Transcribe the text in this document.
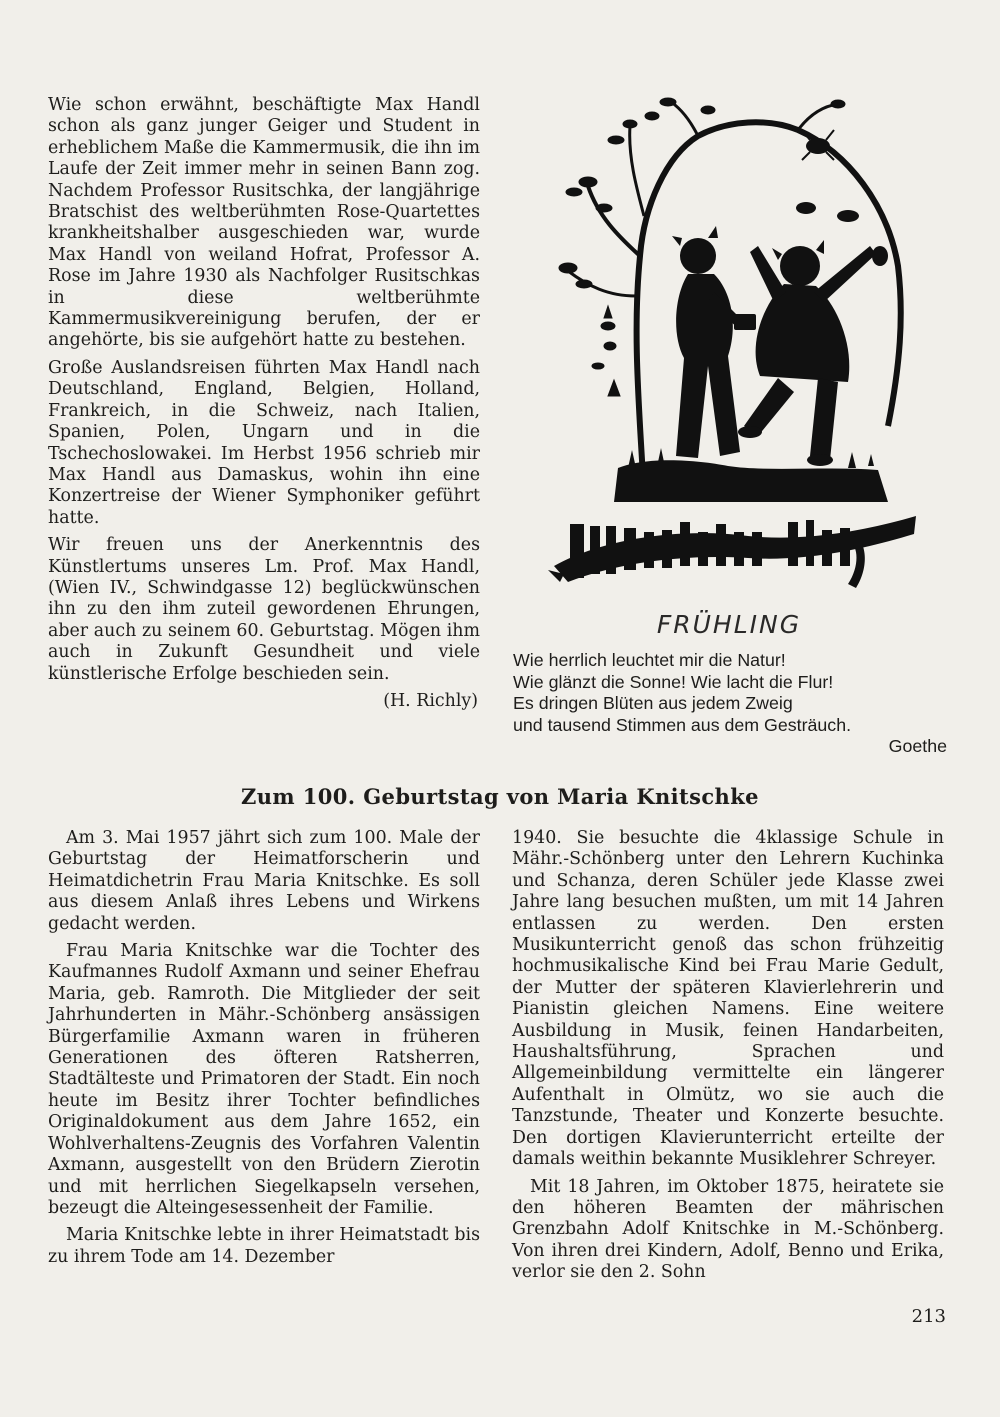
Wie schon erwähnt, beschäftigte Max Handl schon als ganz junger Geiger und Student in erheblichem Maße die Kammermusik, die ihn im Laufe der Zeit immer mehr in seinen Bann zog. Nachdem Professor Rusitschka, der langjährige Bratschist des weltberühmten Rose-Quartettes krankheitshalber ausgeschieden war, wurde Max Handl von weiland Hofrat, Professor A. Rose im Jahre 1930 als Nachfolger Rusitschkas in diese weltberühmte Kammermusikvereinigung berufen, der er angehörte, bis sie aufgehört hatte zu bestehen.

Große Auslandsreisen führten Max Handl nach Deutschland, England, Belgien, Holland, Frankreich, in die Schweiz, nach Italien, Spanien, Polen, Ungarn und in die Tschechoslowakei. Im Herbst 1956 schrieb mir Max Handl aus Damaskus, wohin ihn eine Konzertreise der Wiener Symphoniker geführt hatte.

Wir freuen uns der Anerkenntnis des Künstlertums unseres Lm. Prof. Max Handl, (Wien IV., Schwindgasse 12) beglückwünschen ihn zu den ihm zuteil gewordenen Ehrungen, aber auch zu seinem 60. Geburtstag. Mögen ihm auch in Zukunft Gesundheit und viele künstlerische Erfolge beschieden sein.

(H. Richly)
FRÜHLING
Wie herrlich leuchtet mir die Natur!
Wie glänzt die Sonne! Wie lacht die Flur!
Es dringen Blüten aus jedem Zweig
und tausend Stimmen aus dem Gesträuch.
Goethe
Zum 100. Geburtstag von Maria Knitschke

Am 3. Mai 1957 jährt sich zum 100. Male der Geburtstag der Heimatforscherin und Heimatdichetrin Frau Maria Knitschke. Es soll aus diesem Anlaß ihres Lebens und Wirkens gedacht werden.

Frau Maria Knitschke war die Tochter des Kaufmannes Rudolf Axmann und seiner Ehefrau Maria, geb. Ramroth. Die Mitglieder der seit Jahrhunderten in Mähr.-Schönberg ansässigen Bürgerfamilie Axmann waren in früheren Generationen des öfteren Ratsherren, Stadtälteste und Primatoren der Stadt. Ein noch heute im Besitz ihrer Tochter befindliches Originaldokument aus dem Jahre 1652, ein Wohlverhaltens-Zeugnis des Vorfahren Valentin Axmann, ausgestellt von den Brüdern Zierotin und mit herrlichen Siegelkapseln versehen, bezeugt die Alteingesessenheit der Familie.

Maria Knitschke lebte in ihrer Heimatstadt bis zu ihrem Tode am 14. Dezember

1940. Sie besuchte die 4klassige Schule in Mähr.-Schönberg unter den Lehrern Kuchinka und Schanza, deren Schüler jede Klasse zwei Jahre lang besuchen mußten, um mit 14 Jahren entlassen zu werden. Den ersten Musikunterricht genoß das schon frühzeitig hochmusikalische Kind bei Frau Marie Gedult, der Mutter der späteren Klavierlehrerin und Pianistin gleichen Namens. Eine weitere Ausbildung in Musik, feinen Handarbeiten, Haushaltsführung, Sprachen und Allgemeinbildung vermittelte ein längerer Aufenthalt in Olmütz, wo sie auch die Tanzstunde, Theater und Konzerte besuchte. Den dortigen Klavierunterricht erteilte der damals weithin bekannte Musiklehrer Schreyer.

Mit 18 Jahren, im Oktober 1875, heiratete sie den höheren Beamten der mährischen Grenzbahn Adolf Knitschke in M.-Schönberg. Von ihren drei Kindern, Adolf, Benno und Erika, verlor sie den 2. Sohn

213
